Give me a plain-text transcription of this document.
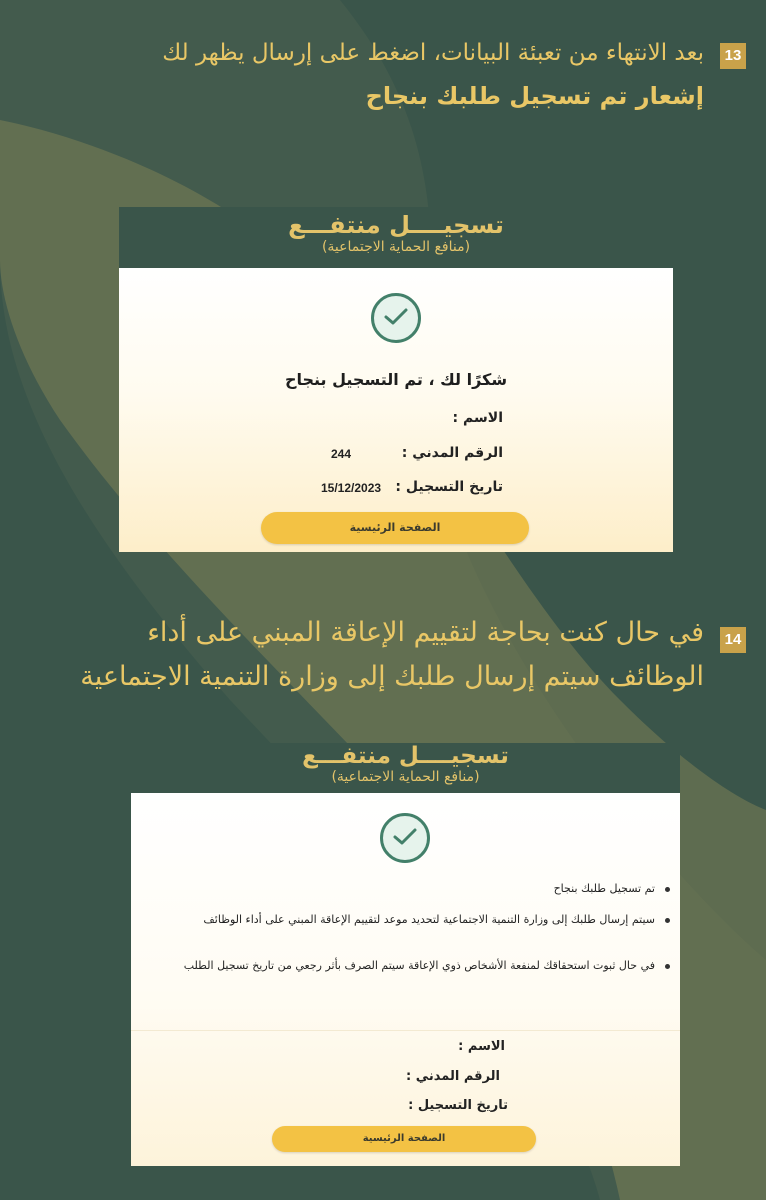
13
بعد الانتهاء من تعبئة البيانات، اضغط على إرسال يظهر لك
إشعار تم تسجيل طلبك بنجاح
تسجيــــل منتفـــع
(منافع الحماية الاجتماعية)
شكرًا لك ، تم التسجيل بنجاح
الاسم :
الرقم المدني :
244
تاريخ التسجيل :
15/12/2023
الصفحة الرئيسية
14
في حال كنت بحاجة لتقييم الإعاقة المبني على أداء
الوظائف سيتم إرسال طلبك إلى وزارة التنمية الاجتماعية
تسجيــــل منتفـــع
(منافع الحماية الاجتماعية)
تم تسجيل طلبك بنجاح
سيتم إرسال طلبك إلى وزارة التنمية الاجتماعية لتحديد موعد لتقييم الإعاقة المبني على أداء الوظائف
في حال ثبوت استحقاقك لمنفعة الأشخاص ذوي الإعاقة سيتم الصرف بأثر رجعي من تاريخ تسجيل الطلب
الاسم :
الرقم المدني :
تاريخ التسجيل :
الصفحة الرئيسية
